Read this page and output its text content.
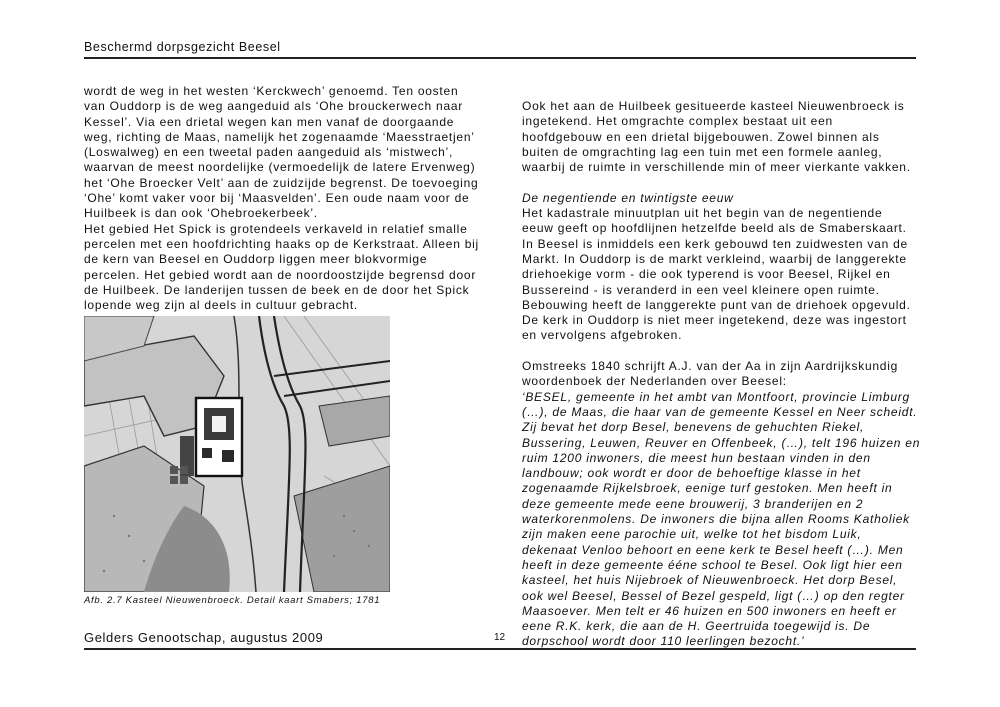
Beschermd dorpsgezicht Beesel

wordt de weg in het westen ‘Kerckwech’ genoemd. Ten oosten

van Ouddorp is de weg aangeduid als ‘Ohe brouckerwech naar

Kessel’. Via een drietal wegen kan men vanaf de doorgaande

weg, richting de Maas, namelijk het zogenaamde ‘Maesstraetjen’

(Loswalweg) en een tweetal paden aangeduid als ‘mistwech’,

waarvan de meest noordelijke (vermoedelijk de latere Ervenweg)

het ‘Ohe Broecker Velt’ aan de zuidzijde begrenst. De toevoeging

‘Ohe’ komt vaker voor bij ‘Maasvelden’. Een oude naam voor de

Huilbeek is dan ook ‘Ohebroekerbeek’.

Het gebied Het Spick is grotendeels verkaveld in relatief smalle

percelen met een hoofdrichting haaks op de Kerkstraat. Alleen bij

de kern van Beesel en Ouddorp liggen meer blokvormige

percelen. Het gebied wordt aan de noordoostzijde begrensd door

de Huilbeek. De landerijen tussen de beek en de door het Spick

lopende weg zijn al deels in cultuur gebracht.

Afb. 2.7 Kasteel Nieuwenbroeck. Detail kaart Smabers; 1781

Ook het aan de Huilbeek gesitueerde kasteel Nieuwenbroeck is

ingetekend. Het omgrachte complex bestaat uit een

hoofdgebouw en een drietal bijgebouwen. Zowel binnen als

buiten de omgrachting lag een tuin met een formele aanleg,

waarbij de ruimte in verschillende min of meer vierkante vakken.

De negentiende en twintigste eeuw

Het kadastrale minuutplan uit het begin van de negentiende

eeuw geeft op hoofdlijnen hetzelfde beeld als de Smaberskaart.

In Beesel is inmiddels een kerk gebouwd ten zuidwesten van de

Markt. In Ouddorp is de markt verkleind, waarbij de langgerekte

driehoekige vorm - die ook typerend is voor Beesel, Rijkel en

Bussereind - is veranderd in een veel kleinere open ruimte.

Bebouwing heeft de langgerekte punt van de driehoek opgevuld.

De kerk in Ouddorp is niet meer ingetekend, deze was ingestort

en vervolgens afgebroken.

Omstreeks 1840 schrijft A.J. van der Aa in zijn Aardrijkskundig

woordenboek der Nederlanden over Beesel:

‘BESEL, gemeente in het ambt van Montfoort, provincie Limburg

(…), de Maas, die haar van de gemeente Kessel en Neer scheidt.

Zij bevat het dorp Besel, benevens de gehuchten Riekel,

Bussering, Leuwen, Reuver en Offenbeek, (…), telt 196 huizen en

ruim 1200 inwoners, die meest hun bestaan vinden in den

landbouw; ook wordt er door de behoeftige klasse in het

zogenaamde Rijkelsbroek, eenige turf gestoken. Men heeft in

deze gemeente mede eene brouwerij, 3 branderijen en 2

waterkorenmolens. De inwoners die bijna allen Rooms Katholiek

zijn maken eene parochie uit, welke tot het bisdom Luik,

dekenaat Venloo behoort en eene kerk te Besel heeft (…). Men

heeft in deze gemeente ééne school te Besel. Ook ligt hier een

kasteel, het huis Nijebroek of Nieuwenbroeck. Het dorp Besel,

ook wel Beesel, Bessel of Bezel gespeld, ligt (…) op den regter

Maasoever. Men telt er 46 huizen en 500 inwoners en heeft er

eene R.K. kerk, die aan de H. Geertruida toegewijd is. De

dorpschool wordt door 110 leerlingen bezocht.’

Gelders Genootschap, augustus 2009	12
